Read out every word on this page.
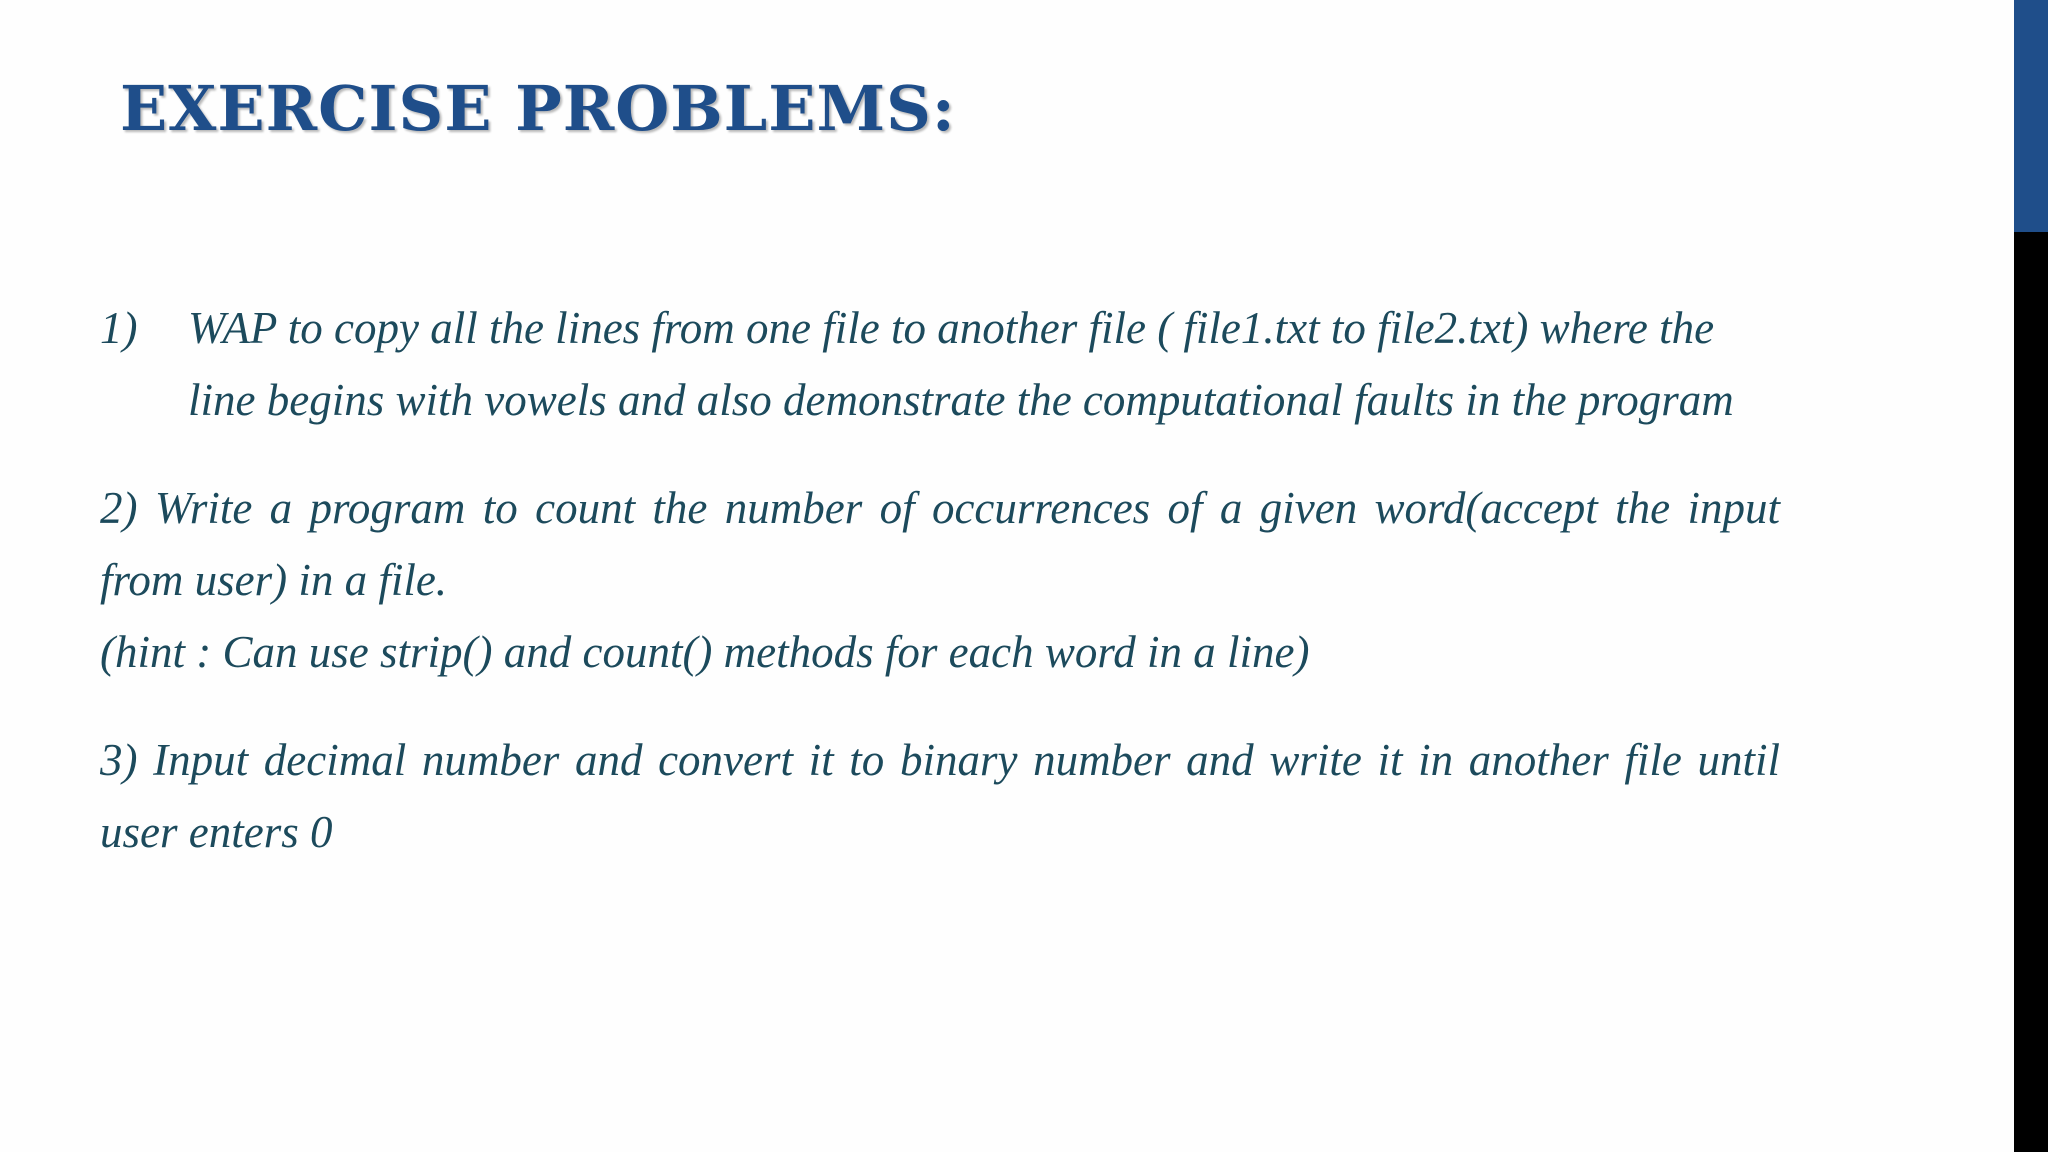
EXERCISE PROBLEMS:
1)	WAP to copy all the lines from one file to another file ( file1.txt to file2.txt) where the line begins with vowels and also demonstrate the computational faults in the program
2) Write a program to count the number of occurrences of a given word(accept the input from user) in a file.
(hint : Can use strip() and count() methods for each word in a line)
3) Input decimal number and convert it to binary number and write it in another file until user enters 0
